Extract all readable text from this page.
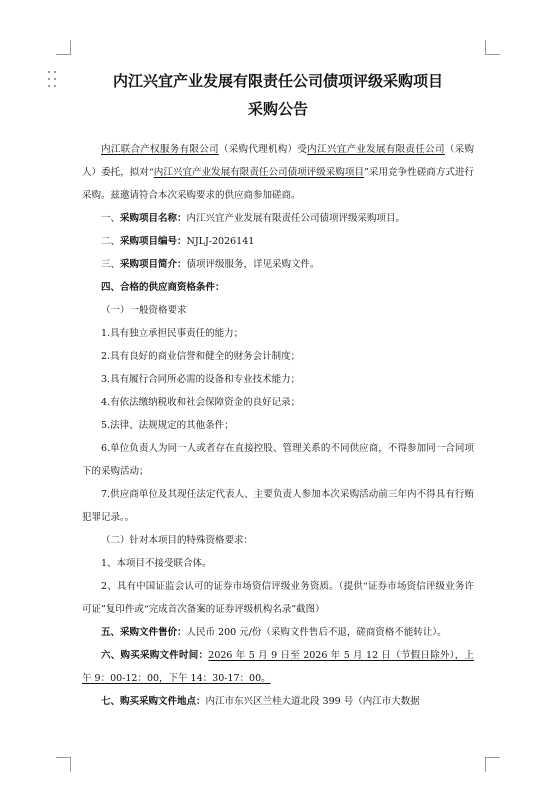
内江兴宜产业发展有限责任公司债项评级采购项目
采购公告

内江联合产权服务有限公司（采购代理机构）受内江兴宜产业发展有限责任公司（采购人）委托，拟对“内江兴宜产业发展有限责任公司债项评级采购项目”采用竞争性磋商方式进行采购。兹邀请符合本次采购要求的供应商参加磋商。

一、采购项目名称：内江兴宜产业发展有限责任公司债项评级采购项目。

二、采购项目编号：NJLJ-2026141

三、采购项目简介：债项评级服务，详见采购文件。

四、合格的供应商资格条件：

（一）一般资格要求

1.具有独立承担民事责任的能力；

2.具有良好的商业信誉和健全的财务会计制度；

3.具有履行合同所必需的设备和专业技术能力；

4.有依法缴纳税收和社会保障资金的良好记录；

5.法律、法规规定的其他条件；

6.单位负责人为同一人或者存在直接控股、管理关系的不同供应商，不得参加同一合同项下的采购活动；

7.供应商单位及其现任法定代表人、主要负责人参加本次采购活动前三年内不得具有行贿犯罪记录。。

（二）针对本项目的特殊资格要求：

1、本项目不接受联合体。

2、具有中国证监会认可的证券市场资信评级业务资质。（提供“证券市场资信评级业务许可证”复印件或“完成首次备案的证券评级机构名录”截图）

五、采购文件售价：人民币 200 元/份（采购文件售后不退，磋商资格不能转让）。

六、购买采购文件时间：2026 年 5 月 9 日至 2026 年 5 月 12 日（节假日除外），上午 9：00-12：00，下午 14：30-17：00。

七、购买采购文件地点：内江市东兴区兰桂大道北段 399 号（内江市大数据
